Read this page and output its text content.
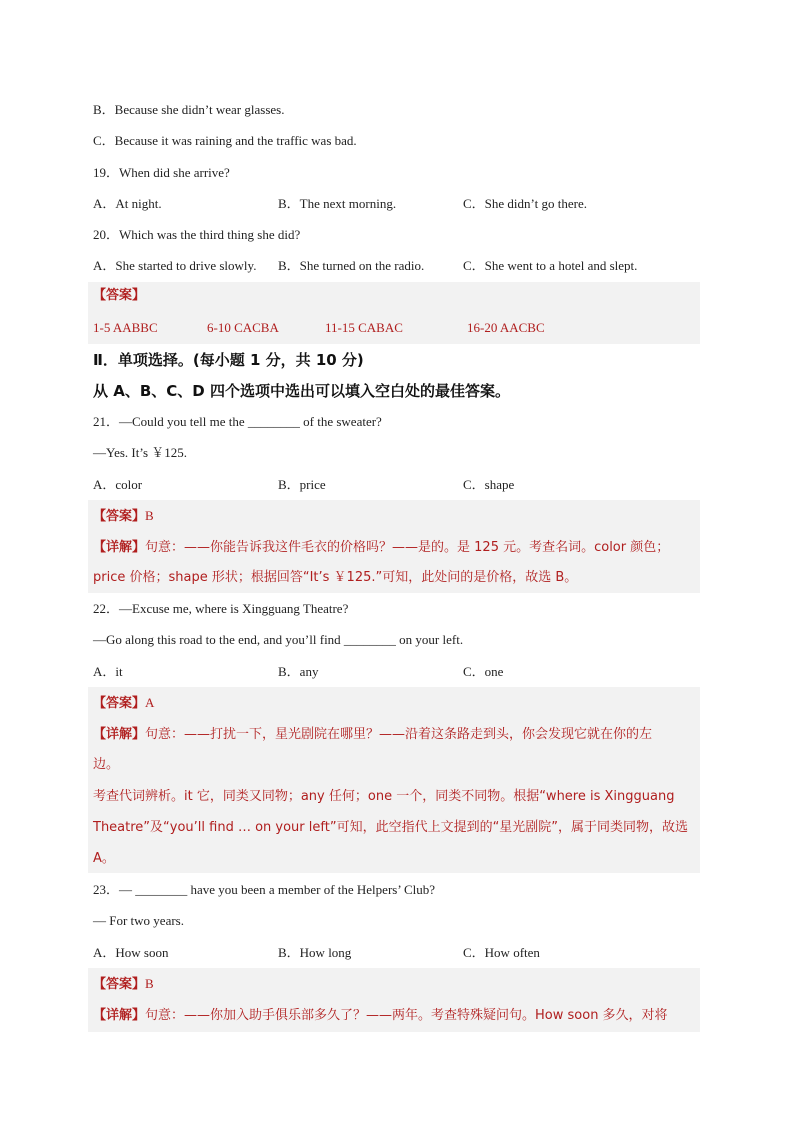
B．Because she didn’t wear glasses.
C．Because it was raining and the traffic was bad.
19．When did she arrive?
A．At night.	B．The next morning.	C．She didn’t go there.
20．Which was the third thing she did?
A．She started to drive slowly. B．She turned on the radio.	C．She went to a hotel and slept.
【答案】
1-5 AABBC	6-10 CACBA	11-15 CABAC	16-20 AACBC
Ⅱ．单项选择。(每小题 1 分，共 10 分)
从 A、B、C、D 四个选项中选出可以填入空白处的最佳答案。
21．—Could you tell me the ________ of the sweater?
—Yes. It’s ￥125.
A．color	B．price	C．shape
【答案】B
【详解】句意：——你能告诉我这件毛衣的价格吗？——是的。是 125 元。考查名词。color 颜色；
price 价格；shape 形状；根据回答“It’s ￥125.”可知，此处问的是价格，故选 B。
22．—Excuse me, where is Xingguang Theatre?
—Go along this road to the end, and you’ll find ________ on your left.
A．it	B．any	C．one
【答案】A
【详解】句意：——打扰一下，星光剧院在哪里？——沿着这条路走到头，你会发现它就在你的左
边。
考查代词辨析。it 它，同类又同物；any 任何；one 一个，同类不同物。根据“where is Xingguang
Theatre”及“you’ll find … on your left”可知，此空指代上文提到的“星光剧院”，属于同类同物，故选
A。
23．— ________ have you been a member of the Helpers’ Club?
— For two years.
A．How soon	B．How long	C．How often
【答案】B
【详解】句意：——你加入助手俱乐部多久了？——两年。考查特殊疑问句。How soon 多久，对将
